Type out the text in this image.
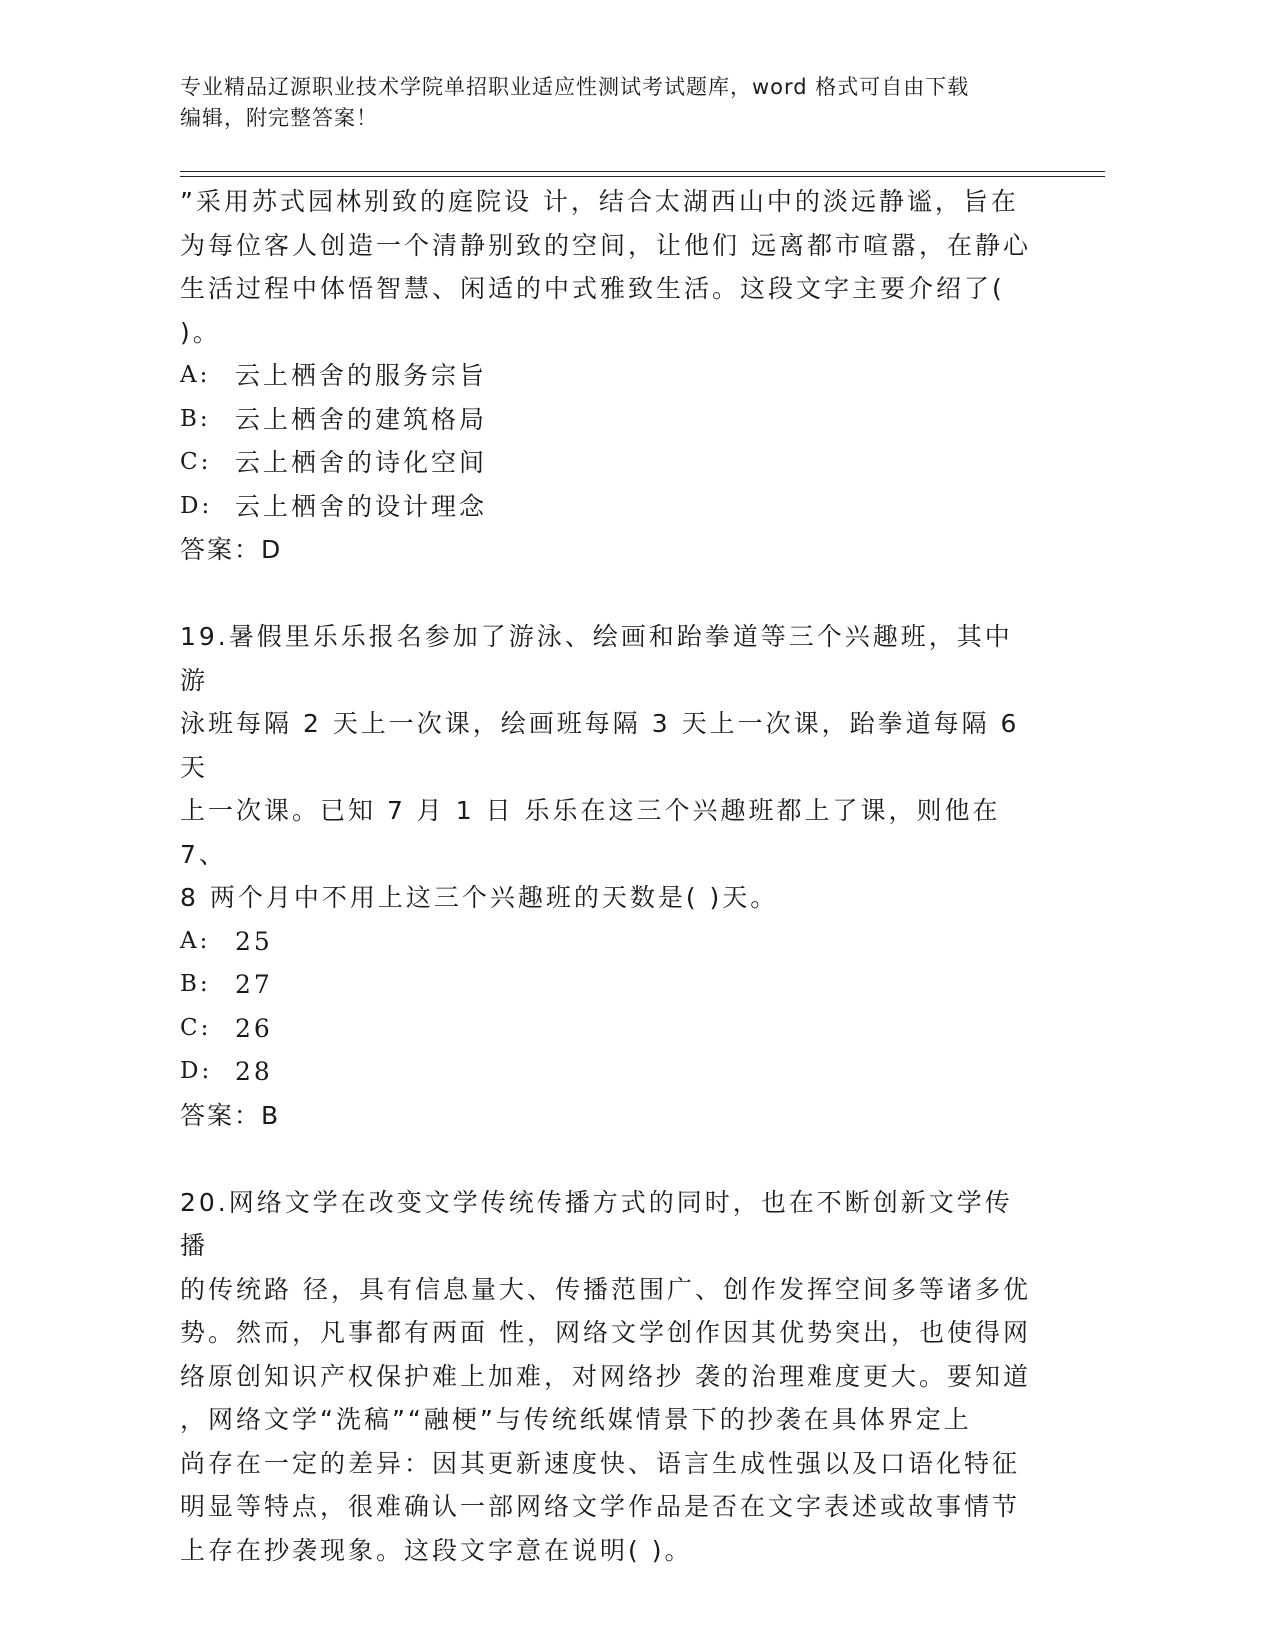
专业精品辽源职业技术学院单招职业适应性测试考试题库，word 格式可自由下载
编辑，附完整答案！

”采用苏式园林别致的庭院设 计，结合太湖西山中的淡远静谧，旨在

为每位客人创造一个清静别致的空间，让他们 远离都市喧嚣，在静心

生活过程中体悟智慧、闲适的中式雅致生活。这段文字主要介绍了(

)。

A: 云上栖舍的服务宗旨
B: 云上栖舍的建筑格局
C: 云上栖舍的诗化空间
D: 云上栖舍的设计理念

答案：D

19.暑假里乐乐报名参加了游泳、绘画和跆拳道等三个兴趣班，其中游

泳班每隔 2 天上一次课，绘画班每隔 3 天上一次课，跆拳道每隔 6 天

上一次课。已知 7 月 1 日 乐乐在这三个兴趣班都上了课，则他在 7、

8 两个月中不用上这三个兴趣班的天数是( )天。

A: 25
B: 27
C: 26
D: 28

答案：B

20.网络文学在改变文学传统传播方式的同时，也在不断创新文学传播

的传统路 径，具有信息量大、传播范围广、创作发挥空间多等诸多优

势。然而，凡事都有两面 性，网络文学创作因其优势突出，也使得网

络原创知识产权保护难上加难，对网络抄 袭的治理难度更大。要知道

，网络文学“洗稿”“融梗”与传统纸媒情景下的抄袭在具体界定上

尚存在一定的差异：因其更新速度快、语言生成性强以及口语化特征

明显等特点，很难确认一部网络文学作品是否在文字表述或故事情节

上存在抄袭现象。这段文字意在说明( )。
